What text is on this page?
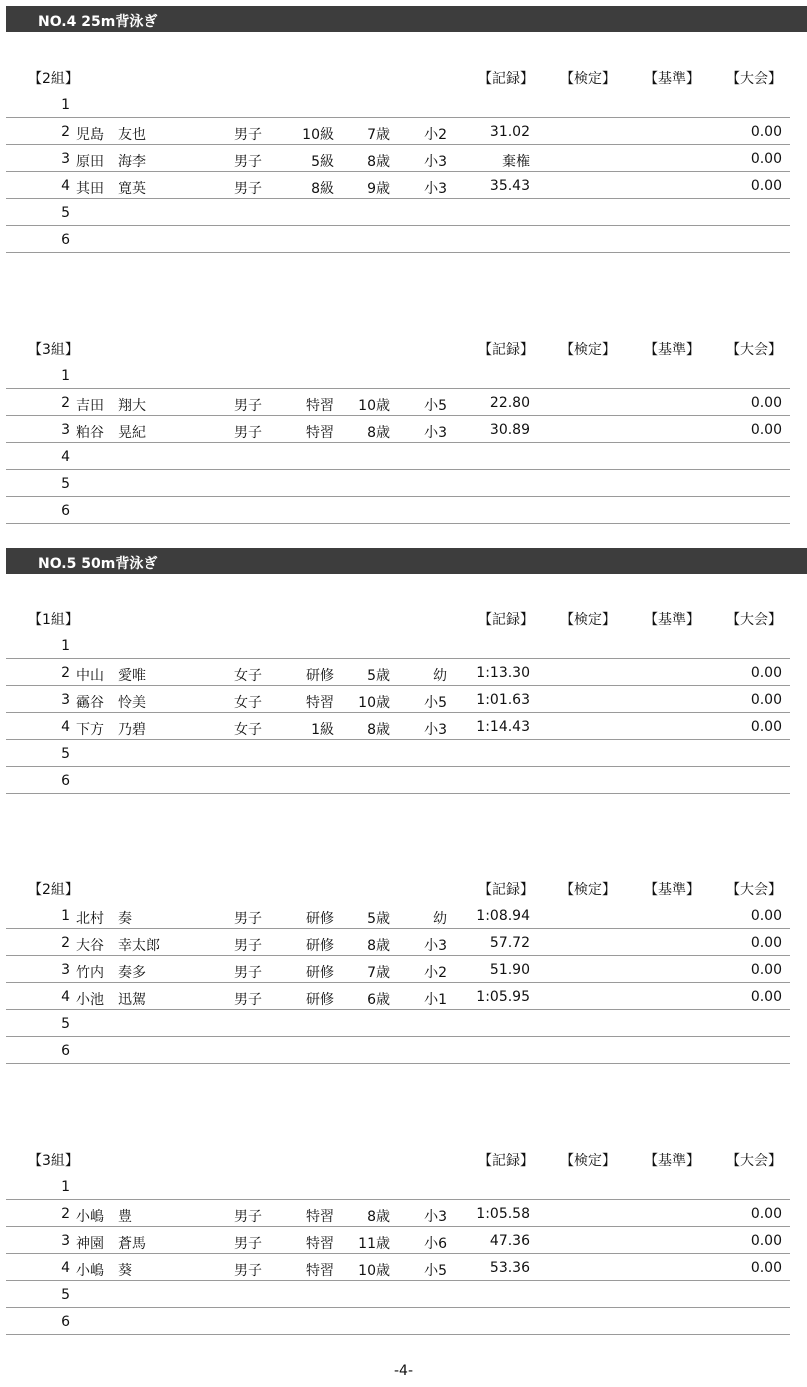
NO.4 25m背泳ぎ
【2組】	【記録】 【検定】 【基準】 【大会】
1
2 児島　友也	男子	10級	7歳	小2	31.02	0.00
3 原田　海李	男子	5級	8歳	小3	棄権	0.00
4 其田　寛英	男子	8級	9歳	小3	35.43	0.00
5
6
【3組】	【記録】 【検定】 【基準】 【大会】
1
2 吉田　翔大	男子	特習	10歳	小5	22.80	0.00
3 粕谷　晃紀	男子	特習	8歳	小3	30.89	0.00
4
5
6
NO.5 50m背泳ぎ
【1組】	【記録】 【検定】 【基準】 【大会】
1
2 中山　愛唯	女子	研修	5歳	幼	1:13.30	0.00
3 靍谷　怜美	女子	特習	10歳	小5	1:01.63	0.00
4 下方　乃碧	女子	1級	8歳	小3	1:14.43	0.00
5
6
【2組】	【記録】 【検定】 【基準】 【大会】
1 北村　奏	男子	研修	5歳	幼	1:08.94	0.00
2 大谷　幸太郎	男子	研修	8歳	小3	57.72	0.00
3 竹内　奏多	男子	研修	7歳	小2	51.90	0.00
4 小池　迅駕	男子	研修	6歳	小1	1:05.95	0.00
5
6
【3組】	【記録】 【検定】 【基準】 【大会】
1
2 小嶋　豊	男子	特習	8歳	小3	1:05.58	0.00
3 神園　蒼馬	男子	特習	11歳	小6	47.36	0.00
4 小嶋　葵	男子	特習	10歳	小5	53.36	0.00
5
6
-4-
